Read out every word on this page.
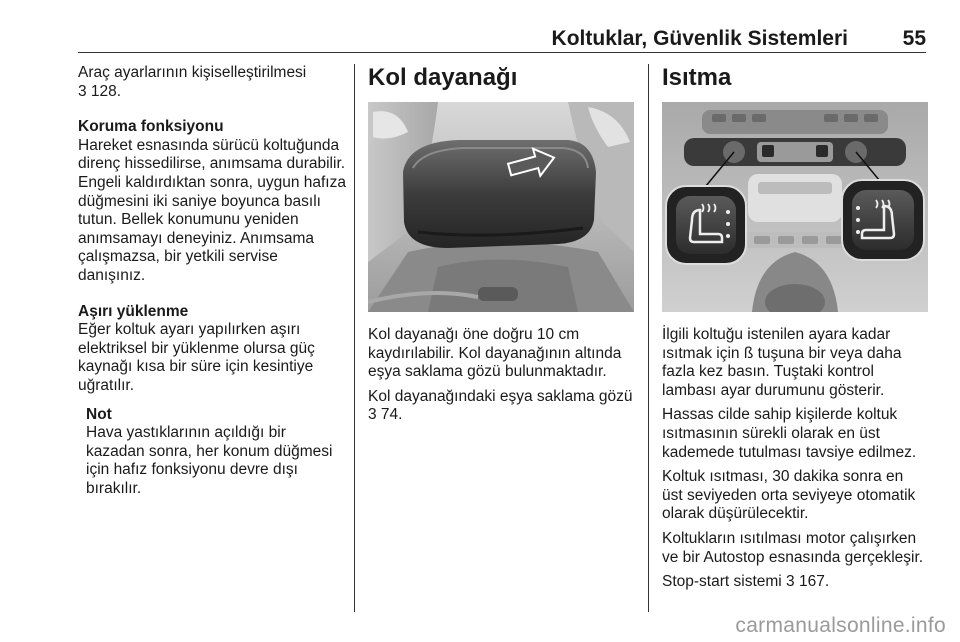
Koltuklar, Güvenlik Sistemleri	55

Araç ayarlarının kişiselleştirilmesi
3 128.

Koruma fonksiyonu

Hareket esnasında sürücü koltuğunda direnç hissedilirse, anımsama durabilir. Engeli kaldırdıktan sonra, uygun hafıza düğmesini iki saniye boyunca basılı tutun. Bellek konumunu yeniden anımsamayı deneyiniz. Anımsama çalışmazsa, bir yetkili servise danışınız.

Aşırı yüklenme

Eğer koltuk ayarı yapılırken aşırı elektriksel bir yüklenme olursa güç kaynağı kısa bir süre için kesintiye uğratılır.

Not
Hava yastıklarının açıldığı bir kazadan sonra, her konum düğmesi için hafız fonksiyonu devre dışı bırakılır.
Kol dayanağı

Kol dayanağı öne doğru 10 cm kaydırılabilir. Kol dayanağının altında eşya saklama gözü bulunmaktadır.

Kol dayanağındaki eşya saklama gözü 3 74.

Isıtma

İlgili koltuğu istenilen ayara kadar ısıtmak için ß tuşuna bir veya daha fazla kez basın. Tuştaki kontrol lambası ayar durumunu gösterir.

Hassas cilde sahip kişilerde koltuk ısıtmasının sürekli olarak en üst kademede tutulması tavsiye edilmez.

Koltuk ısıtması, 30 dakika sonra en üst seviyeden orta seviyeye otomatik olarak düşürülecektir.

Koltukların ısıtılması motor çalışırken ve bir Autostop esnasında gerçekleşir.

Stop-start sistemi 3 167.

carmanualsonline.info
